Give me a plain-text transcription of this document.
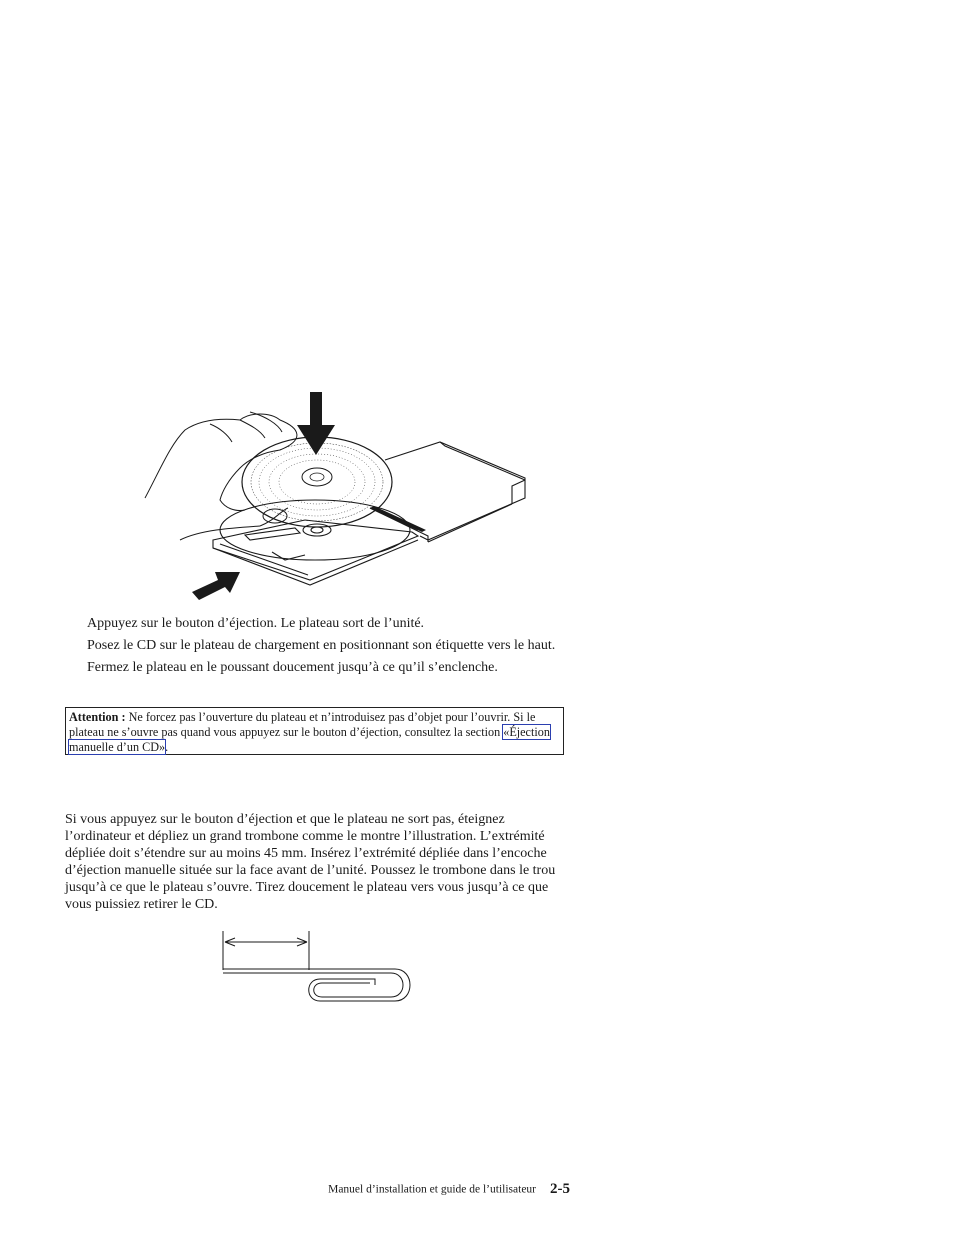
Appuyez sur le bouton d’éjection. Le plateau sort de l’unité.
Posez le CD sur le plateau de chargement en positionnant son étiquette vers le haut.
Fermez le plateau en le poussant doucement jusqu’à ce qu’il s’enclenche.
Attention : Ne forcez pas l’ouverture du plateau et n’introduisez pas d’objet pour l’ouvrir. Si le plateau ne s’ouvre pas quand vous appuyez sur le bouton d’éjection, consultez la section «Éjection manuelle d’un CD».

Si vous appuyez sur le bouton d’éjection et que le plateau ne sort pas, éteignez l’ordinateur et dépliez un grand trombone comme le montre l’illustration. L’extrémité dépliée doit s’étendre sur au moins 45 mm. Insérez l’extrémité dépliée dans l’encoche d’éjection manuelle située sur la face avant de l’unité. Poussez le trombone dans le trou jusqu’à ce que le plateau s’ouvre. Tirez doucement le plateau vers vous jusqu’à ce que vous puissiez retirer le CD.

Manuel d’installation et guide de l’utilisateur 2-5
